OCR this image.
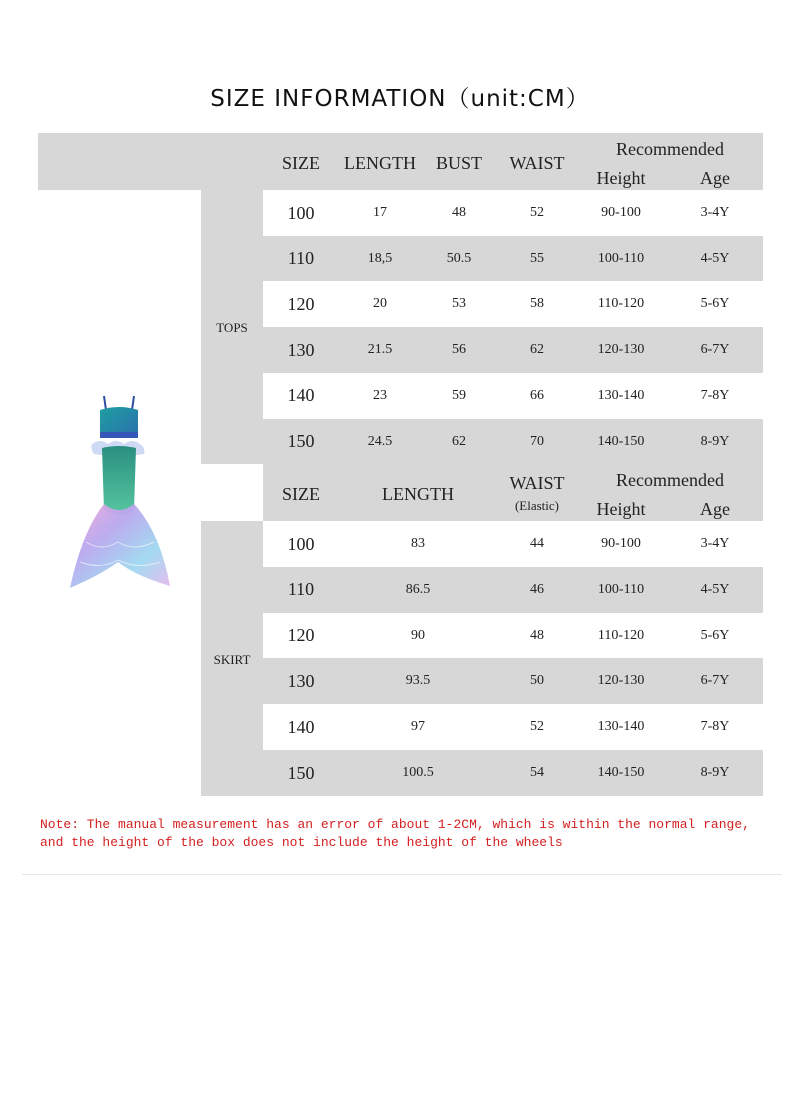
SIZE INFORMATION（unit:CM）
TOPS
SIZE	LENGTH	BUST	WAIST
Recommended
Height	Age
100	17	48	52	90-100	3-4Y
110	18,5	50.5	55	100-110	4-5Y
120	20	53	58	110-120	5-6Y
130	21.5	56	62	120-130	6-7Y
140	23	59	66	130-140	7-8Y
150	24.5	62	70	140-150	8-9Y
SKIRT
SIZE	LENGTH
WAIST
(Elastic)
Recommended
Height	Age
100	83	44	90-100	3-4Y
110	86.5	46	100-110	4-5Y
120	90	48	110-120	5-6Y
130	93.5	50	120-130	6-7Y
140	97	52	130-140	7-8Y
150	100.5	54	140-150	8-9Y
Note: The manual measurement has an error of about 1-2CM, which is within the normal range, and the height of the box does not include the height of the wheels
